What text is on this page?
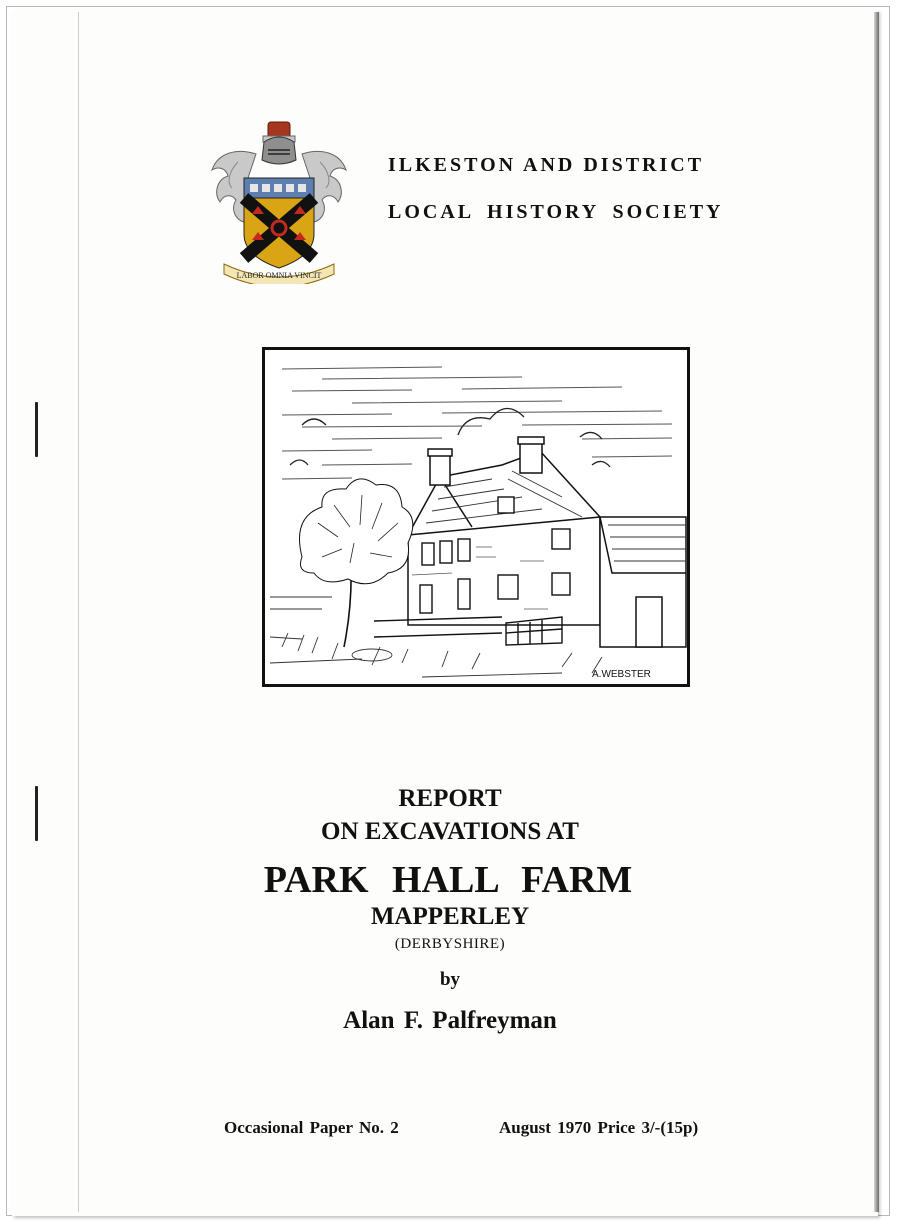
LABOR OMNIA VINCIT
ILKESTON AND DISTRICT
LOCAL HISTORY SOCIETY
A.WEBSTER
REPORT
ON EXCAVATIONS AT
PARK HALL FARM
MAPPERLEY
(DERBYSHIRE)
by
Alan F. Palfreyman
Occasional Paper No. 2	August 1970 Price 3/-(15p)
